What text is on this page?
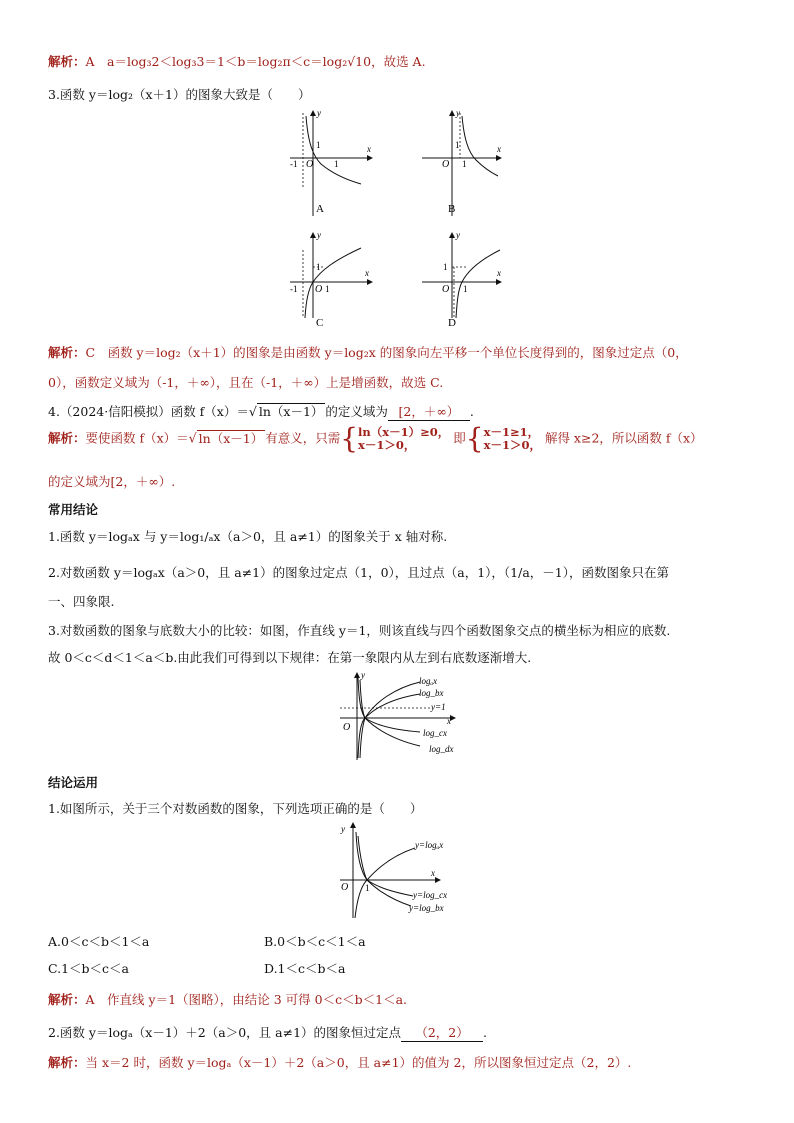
解析：A　a＝log₃2＜log₃3＝1＜b＝log₂π＜c＝log₂√10，故选 A.
3.函数 y＝log₂（x＋1）的图象大致是（　　）
y
x
O
-1	1
1
A
y
x
O 1
1
B
y
x
O
-1	1
1
C
y
x
O 1
1
D
解析：C　函数 y＝log₂（x＋1）的图象是由函数 y＝log₂x 的图象向左平移一个单位长度得到的，图象过定点（0，
0），函数定义域为（-1，＋∞），且在（-1，＋∞）上是增函数，故选 C.
4.（2024·信阳模拟）函数 f（x）＝√ ln（x－1） 的定义域为 [2，＋∞） .
解析：要使函数 f（x）＝√ ln（x－1） 有意义，只需{ln（x－1）≥0，
x－1＞0，	即{x－1≥1，
x－1＞0， 解得 x≥2，所以函数 f（x）
的定义域为[2，＋∞）.
常用结论
1.函数 y＝logₐx 与 y＝log₁/ₐx（a＞0，且 a≠1）的图象关于 x 轴对称.
2.对数函数 y＝logₐx（a＞0，且 a≠1）的图象过定点（1，0），且过点（a，1），（1/a，－1），函数图象只在第
一、四象限.
3.对数函数的图象与底数大小的比较：如图，作直线 y＝1，则该直线与四个函数图象交点的横坐标为相应的底数.
故 0＜c＜d＜1＜a＜b.由此我们可得到以下规律：在第一象限内从左到右底数逐渐增大.
y
x
O
logₐx
log_bx
y=1
log_cx
log_dx
结论运用
1.如图所示，关于三个对数函数的图象，下列选项正确的是（　　）
y
x
O 1
y=logₐx
y=log_cx
y=log_bx
A.0＜c＜b＜1＜a	B.0＜b＜c＜1＜a
C.1＜b＜c＜a	D.1＜c＜b＜a
解析：A　作直线 y＝1（图略），由结论 3 可得 0＜c＜b＜1＜a.
2.函数 y＝logₐ（x－1）＋2（a＞0，且 a≠1）的图象恒过定点 （2，2） .
解析：当 x＝2 时，函数 y＝logₐ（x－1）＋2（a＞0，且 a≠1）的值为 2，所以图象恒过定点（2，2）.
